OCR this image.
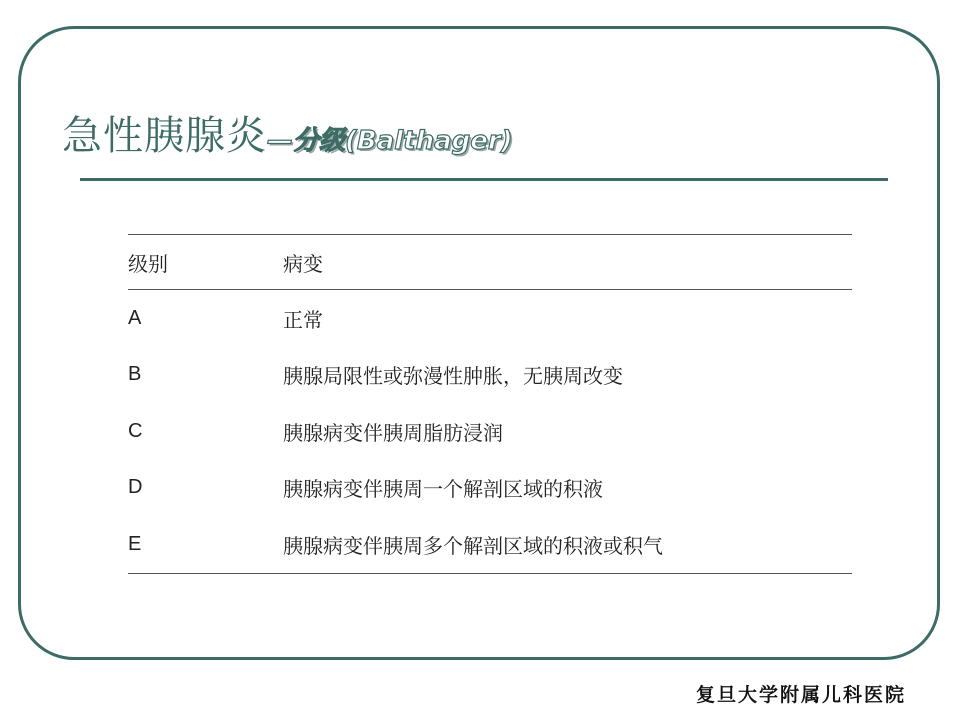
急性胰腺炎—分级(Balthager)
级别	病变
A	正常
B	胰腺局限性或弥漫性肿胀，无胰周改变
C	胰腺病变伴胰周脂肪浸润
D	胰腺病变伴胰周一个解剖区域的积液
E	胰腺病变伴胰周多个解剖区域的积液或积气
复旦大学附属儿科医院
